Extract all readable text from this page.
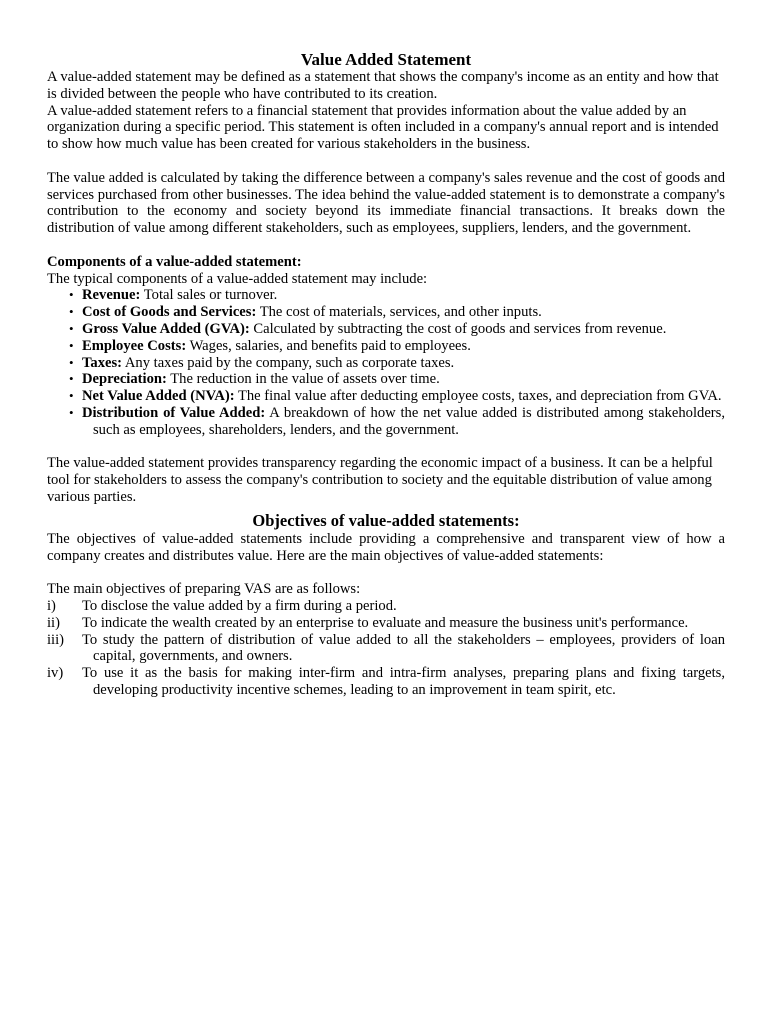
Value Added Statement

A value-added statement may be defined as a statement that shows the company's income as an entity and how that is divided between the people who have contributed to its creation.

A value-added statement refers to a financial statement that provides information about the value added by an organization during a specific period. This statement is often included in a company's annual report and is intended to show how much value has been created for various stakeholders in the business.

The value added is calculated by taking the difference between a company's sales revenue and the cost of goods and services purchased from other businesses. The idea behind the value-added statement is to demonstrate a company's contribution to the economy and society beyond its immediate financial transactions. It breaks down the distribution of value among different stakeholders, such as employees, suppliers, lenders, and the government.

Components of a value-added statement:

The typical components of a value-added statement may include:

• Revenue: Total sales or turnover.
• Cost of Goods and Services: The cost of materials, services, and other inputs.
• Gross Value Added (GVA): Calculated by subtracting the cost of goods and services from revenue.
• Employee Costs: Wages, salaries, and benefits paid to employees.
• Taxes: Any taxes paid by the company, such as corporate taxes.
• Depreciation: The reduction in the value of assets over time.
• Net Value Added (NVA): The final value after deducting employee costs, taxes, and depreciation from GVA.
• Distribution of Value Added: A breakdown of how the net value added is distributed among stakeholders, such as employees, shareholders, lenders, and the government.

The value-added statement provides transparency regarding the economic impact of a business. It can be a helpful tool for stakeholders to assess the company's contribution to society and the equitable distribution of value among various parties.

Objectives of value-added statements:

The objectives of value-added statements include providing a comprehensive and transparent view of how a company creates and distributes value. Here are the main objectives of value-added statements:

The main objectives of preparing VAS are as follows:

i) To disclose the value added by a firm during a period.
ii) To indicate the wealth created by an enterprise to evaluate and measure the business unit's performance.
iii) To study the pattern of distribution of value added to all the stakeholders – employees, providers of loan capital, governments, and owners.
iv) To use it as the basis for making inter-firm and intra-firm analyses, preparing plans and fixing targets, developing productivity incentive schemes, leading to an improvement in team spirit, etc.
